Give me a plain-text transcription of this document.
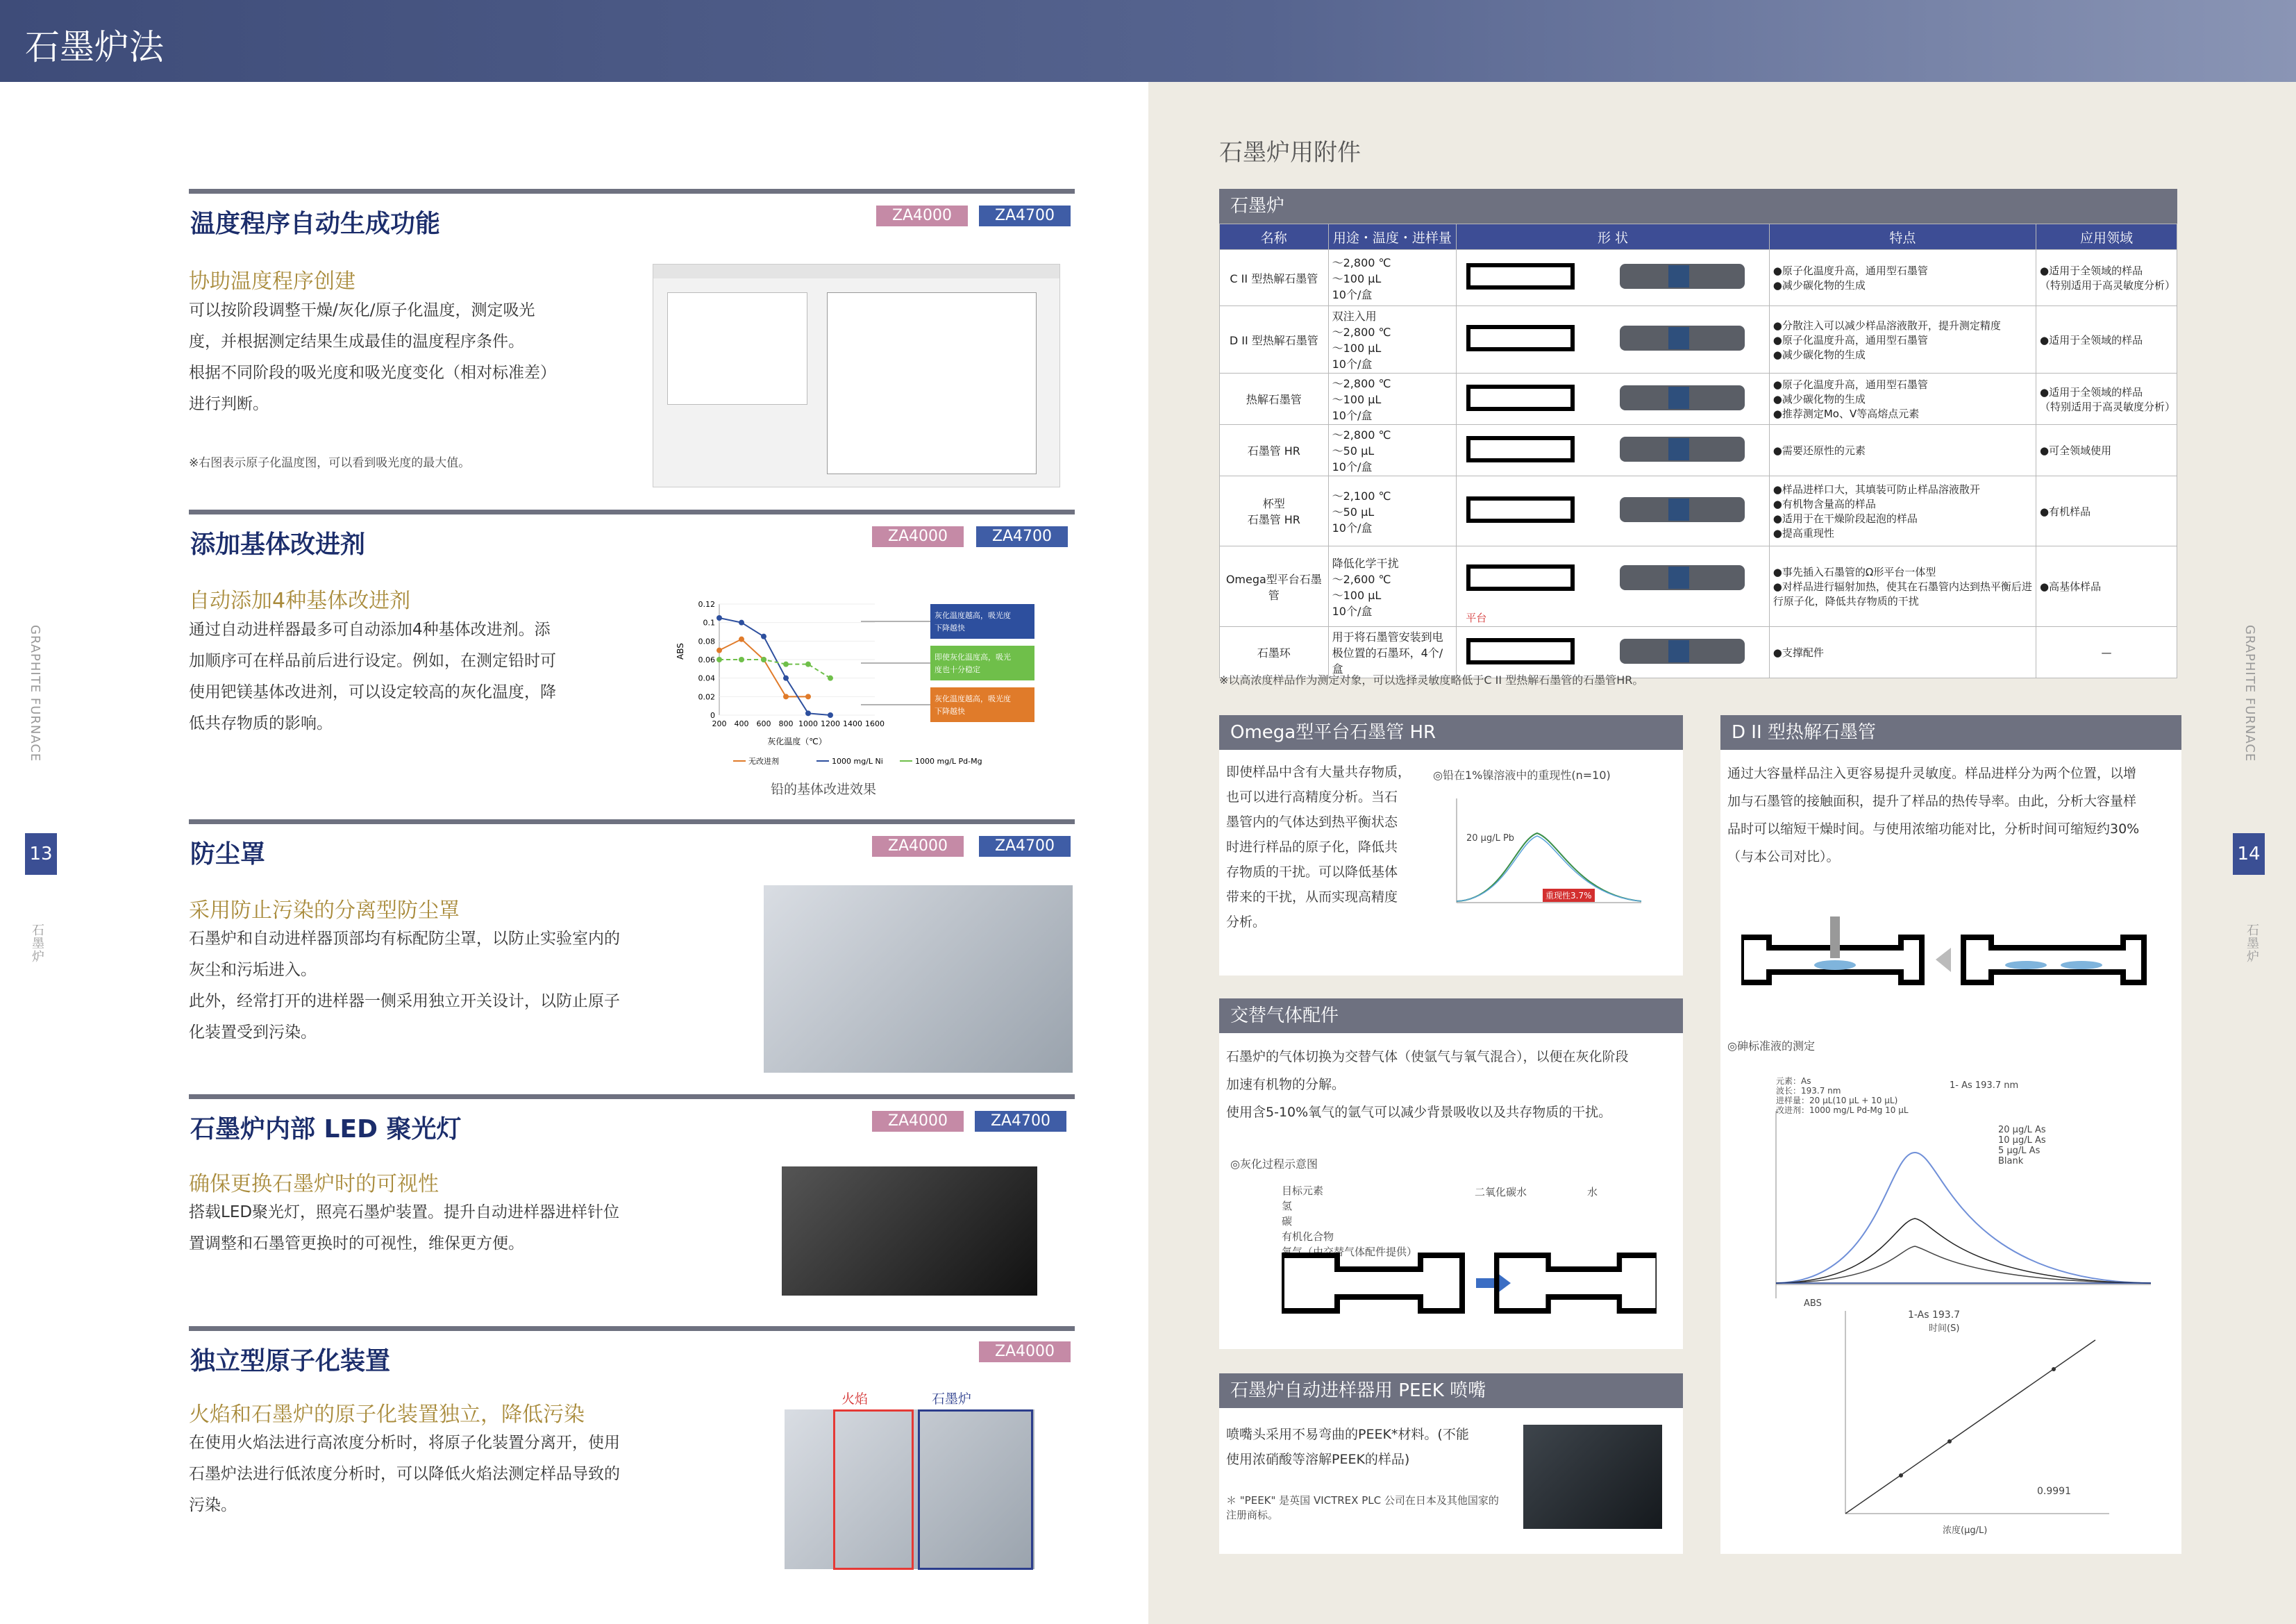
石墨炉法
GRAPHITE FURNACE
13
石墨炉
GRAPHITE FURNACE
14
石墨炉
温度程序自动生成功能	ZA4000	ZA4700
协助温度程序创建
可以按阶段调整干燥/灰化/原子化温度，测定吸光
度，并根据测定结果生成最佳的温度程序条件。
根据不同阶段的吸光度和吸光度变化（相对标准差）
进行判断。
※右图表示原子化温度图，可以看到吸光度的最大值。
添加基体改进剂	ZA4000	ZA4700
自动添加4种基体改进剂
通过自动进样器最多可自动添加4种基体改进剂。添
加顺序可在样品前后进行设定。例如，在测定铅时可
使用钯镁基体改进剂，可以设定较高的灰化温度，降
低共存物质的影响。
0.12
0.1
0.08
0.06
0.04
0.02
0
200 400 600 800 1000 1200 1400 1600
ABS
灰化温度（℃）
无改进剂	1000 mg/L Ni	1000 mg/L Pd-Mg
灰化温度越高，吸光度
下降越快
即使灰化温度高，吸光
度也十分稳定
灰化温度越高，吸光度
下降越快
铅的基体改进效果
防尘罩	ZA4000	ZA4700
采用防止污染的分离型防尘罩
石墨炉和自动进样器顶部均有标配防尘罩，以防止实验室内的
灰尘和污垢进入。
此外，经常打开的进样器一侧采用独立开关设计，以防止原子
化装置受到污染。
石墨炉内部 LED 聚光灯	ZA4000	ZA4700
确保更换石墨炉时的可视性
搭载LED聚光灯，照亮石墨炉装置。提升自动进样器进样针位
置调整和石墨管更换时的可视性，维保更方便。
独立型原子化装置	ZA4000
火焰和石墨炉的原子化装置独立，降低污染
在使用火焰法进行高浓度分析时，将原子化装置分离开，使用
石墨炉法进行低浓度分析时，可以降低火焰法测定样品导致的
污染。
火焰	石墨炉
石墨炉用附件
石墨炉
名称	用途・温度・进样量	形 状	特点	应用领域
C II 型热解石墨管	～2,800 ℃
～100 μL
10个/盒		●原子化温度升高，通用型石墨管
●减少碳化物的生成	●适用于全领域的样品
（特别适用于高灵敏度分析）
D II 型热解石墨管	双注入用
～2,800 ℃
～100 μL
10个/盒		●分散注入可以减少样品溶液散开，提升测定精度
●原子化温度升高，通用型石墨管
●减少碳化物的生成	●适用于全领域的样品
热解石墨管	～2,800 ℃
～100 μL
10个/盒		●原子化温度升高，通用型石墨管
●减少碳化物的生成
●推荐测定Mo、V等高熔点元素	●适用于全领域的样品
（特别适用于高灵敏度分析）
石墨管 HR	～2,800 ℃
～50 μL
10个/盒		●需要还原性的元素	●可全领域使用
杯型
石墨管 HR	～2,100 ℃
～50 μL
10个/盒		●样品进样口大，其填装可防止样品溶液散开
●有机物含量高的样品
●适用于在干燥阶段起泡的样品
●提高重现性	●有机样品
Omega型平台石墨管	降低化学干扰
～2,600 ℃
～100 μL
10个/盒	平台	●事先插入石墨管的Ω形平台一体型
●对样品进行辐射加热，使其在石墨管内达到热平衡后进行原子化，降低共存物质的干扰	●高基体样品
石墨环	用于将石墨管安装到电极位置的石墨环，4个/盒		●支撑配件	—
※以高浓度样品作为测定对象，可以选择灵敏度略低于C II 型热解石墨管的石墨管HR。
Omega型平台石墨管 HR
即使样品中含有大量共存物质，
也可以进行高精度分析。当石
墨管内的气体达到热平衡状态
时进行样品的原子化，降低共
存物质的干扰。可以降低基体
带来的干扰，从而实现高精度
分析。
◎铅在1%镍溶液中的重现性(n=10)
20 μg/L Pb
重现性3.7%
交替气体配件
石墨炉的气体切换为交替气体（使氩气与氧气混合），以便在灰化阶段
加速有机物的分解。
使用含5-10%氧气的氩气可以减少背景吸收以及共存物质的干扰。
◎灰化过程示意图
目标元素
氢
碳
有机化合物
氧气（由交替气体配件提供）
二氧化碳水	水
石墨炉自动进样器用 PEEK 喷嘴
喷嘴头采用不易弯曲的PEEK*材料。(不能
使用浓硝酸等溶解PEEK的样品)
＊ "PEEK" 是英国 VICTREX PLC 公司在日本及其他国家的注册商标。
D II 型热解石墨管
通过大容量样品注入更容易提升灵敏度。样品进样分为两个位置，以增
加与石墨管的接触面积，提升了样品的热传导率。由此，分析大容量样
品时可以缩短干燥时间。与使用浓缩功能对比，分析时间可缩短约30%
（与本公司对比）。
◎砷标准液的测定
元素：As
波长：193.7 nm
进样量：20 μL(10 μL + 10 μL)
改进剂：1000 mg/L Pd-Mg 10 μL
1- As 193.7 nm
20 μg/L As
10 μg/L As
5 μg/L As
Blank
时间(S)
ABS
1-As 193.7
0.9991
浓度(μg/L)
